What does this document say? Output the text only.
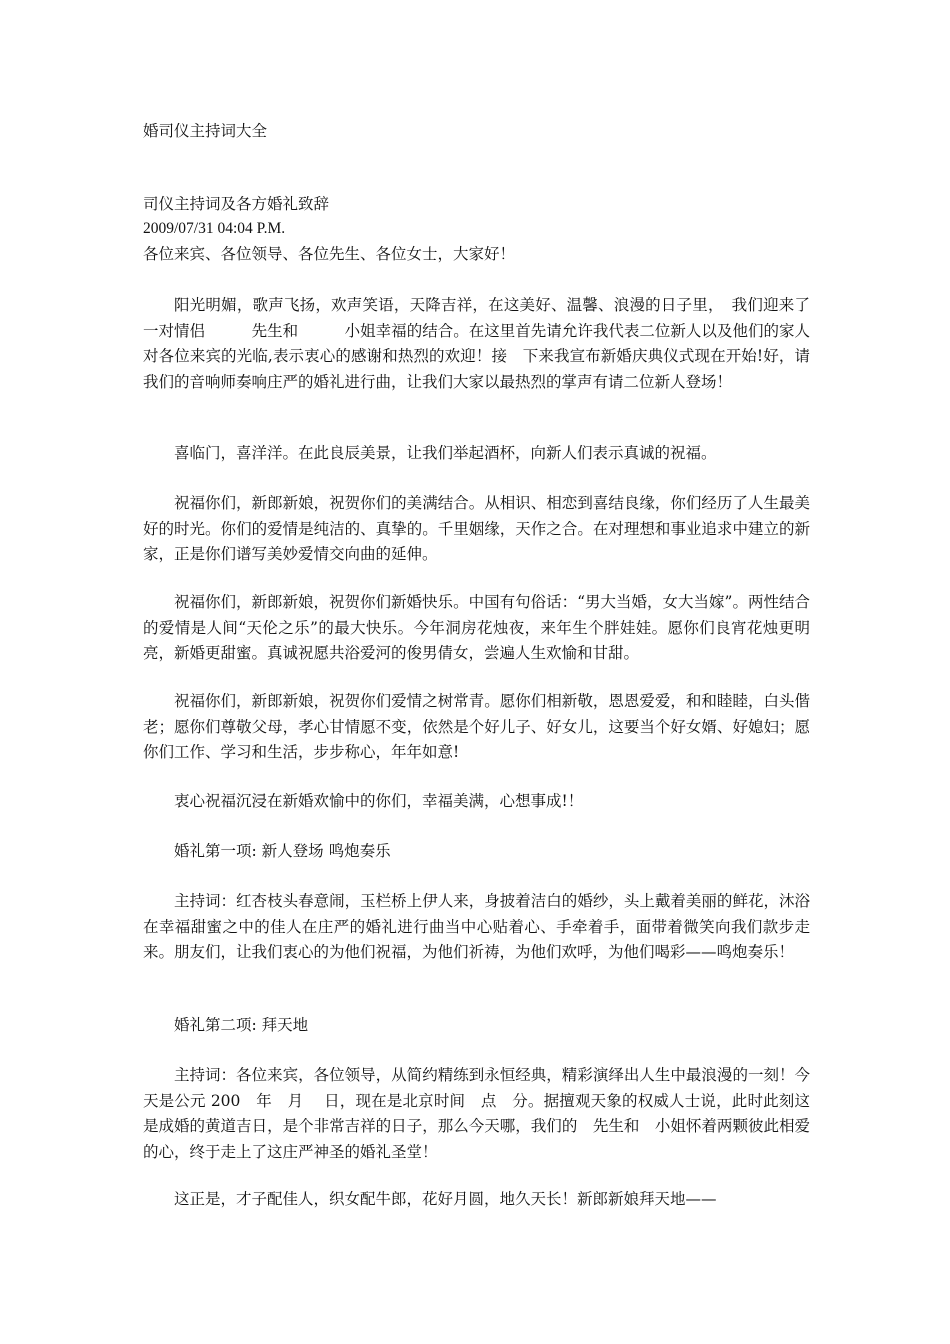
婚司仪主持词大全
司仪主持词及各方婚礼致辞
2009/07/31 04:04 P.M.
各位来宾、各位领导、各位先生、各位女士，大家好！

阳光明媚，歌声飞扬，欢声笑语，天降吉祥，在这美好、温馨、浪漫的日子里，　我们迎来了一对情侣　　　先生和　　　小姐幸福的结合。在这里首先请允许我代表二位新人以及他们的家人对各位来宾的光临,表示衷心的感谢和热烈的欢迎！接　下来我宣布新婚庆典仪式现在开始!好，请我们的音响师奏响庄严的婚礼进行曲，让我们大家以最热烈的掌声有请二位新人登场！

喜临门，喜洋洋。在此良辰美景，让我们举起酒杯，向新人们表示真诚的祝福。

祝福你们，新郎新娘，祝贺你们的美满结合。从相识、相恋到喜结良缘，你们经历了人生最美好的时光。你们的爱情是纯洁的、真挚的。千里姻缘，天作之合。在对理想和事业追求中建立的新家，正是你们谱写美妙爱情交向曲的延伸。

祝福你们，新郎新娘，祝贺你们新婚快乐。中国有句俗话：“男大当婚，女大当嫁”。两性结合的爱情是人间“天伦之乐”的最大快乐。今年洞房花烛夜，来年生个胖娃娃。愿你们良宵花烛更明亮，新婚更甜蜜。真诚祝愿共浴爱河的俊男倩女，尝遍人生欢愉和甘甜。

祝福你们，新郎新娘，祝贺你们爱情之树常青。愿你们相新敬，恩恩爱爱，和和睦睦，白头偕老；愿你们尊敬父母，孝心甘情愿不变，依然是个好儿子、好女儿，这要当个好女婿、好媳妇；愿你们工作、学习和生活，步步称心，年年如意!

衷心祝福沉浸在新婚欢愉中的你们，幸福美满，心想事成!！

婚礼第一项: 新人登场 鸣炮奏乐

主持词：红杏枝头春意闹，玉栏桥上伊人来，身披着洁白的婚纱，头上戴着美丽的鲜花，沐浴在幸福甜蜜之中的佳人在庄严的婚礼进行曲当中心贴着心、手牵着手，面带着微笑向我们款步走来。朋友们，让我们衷心的为他们祝福，为他们祈祷，为他们欢呼，为他们喝彩——鸣炮奏乐！

婚礼第二项: 拜天地

主持词：各位来宾，各位领导，从简约精练到永恒经典，精彩演绎出人生中最浪漫的一刻！今天是公元 200　年　月　 日，现在是北京时间　点　分。据擅观天象的权威人士说，此时此刻这是成婚的黄道吉日，是个非常吉祥的日子，那么今天哪，我们的　先生和　小姐怀着两颗彼此相爱的心，终于走上了这庄严神圣的婚礼圣堂！

这正是，才子配佳人，织女配牛郎，花好月圆，地久天长！新郎新娘拜天地——
